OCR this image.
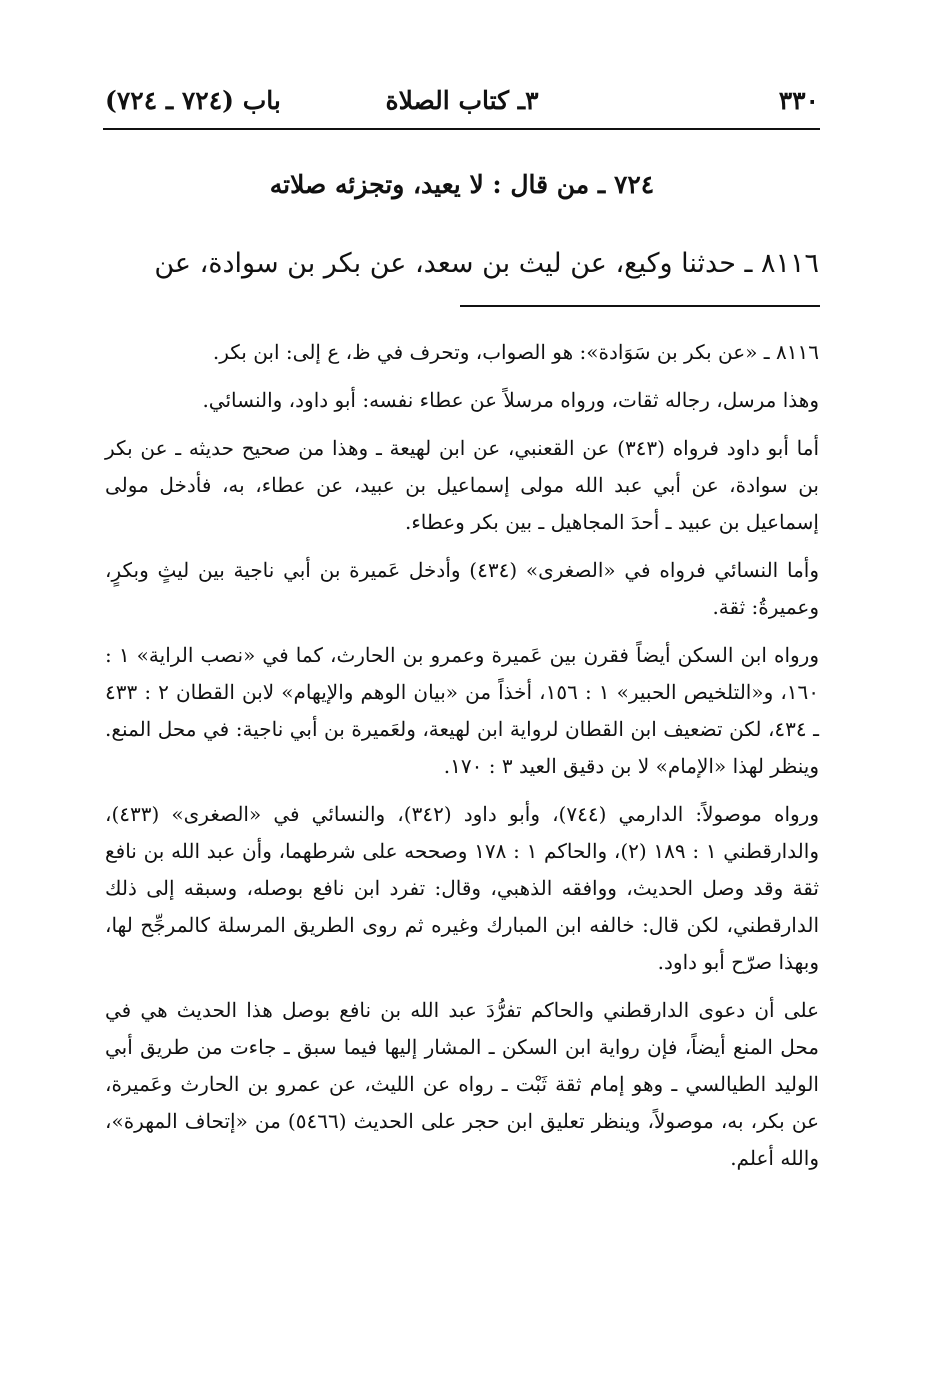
٣٣٠
٣ـ كتاب الصلاة
باب (٧٢٤ ـ ٧٢٤)
٧٢٤ ـ من قال : لا يعيد، وتجزئه صلاته
٨١١٦ ـ حدثنا وكيع، عن ليث بن سعد، عن بكر بن سوادة، عن

٨١١٦ ـ «عن بكر بن سَوَادة»: هو الصواب، وتحرف في ظ، ع إلى: ابن بكر.

وهذا مرسل، رجاله ثقات، ورواه مرسلاً عن عطاء نفسه: أبو داود، والنسائي.

أما أبو داود فرواه (٣٤٣) عن القعنبي، عن ابن لهيعة ـ وهذا من صحيح حديثه ـ عن بكر بن سوادة، عن أبي عبد الله مولى إسماعيل بن عبيد، عن عطاء، به، فأدخل مولى إسماعيل بن عبيد ـ أحدَ المجاهيل ـ بين بكر وعطاء.

وأما النسائي فرواه في «الصغرى» (٤٣٤) وأدخل عَميرة بن أبي ناجية بين ليثٍ وبكرٍ، وعميرةُ: ثقة.

ورواه ابن السكن أيضاً فقرن بين عَميرة وعمرو بن الحارث، كما في «نصب الراية» ١ : ١٦٠، و«التلخيص الحبير» ١ : ١٥٦، أخذاً من «بيان الوهم والإيهام» لابن القطان ٢ : ٤٣٣ ـ ٤٣٤، لكن تضعيف ابن القطان لرواية ابن لهيعة، ولعَميرة بن أبي ناجية: في محل المنع. وينظر لهذا «الإمام» لا بن دقيق العيد ٣ : ١٧٠.

ورواه موصولاً: الدارمي (٧٤٤)، وأبو داود (٣٤٢)، والنسائي في «الصغرى» (٤٣٣)، والدارقطني ١ : ١٨٩ (٢)، والحاكم ١ : ١٧٨ وصححه على شرطهما، وأن عبد الله بن نافع ثقة وقد وصل الحديث، ووافقه الذهبي، وقال: تفرد ابن نافع بوصله، وسبقه إلى ذلك الدارقطني، لكن قال: خالفه ابن المبارك وغيره ثم روى الطريق المرسلة كالمرجِّح لها، وبهذا صرّح أبو داود.

على أن دعوى الدارقطني والحاكم تفرُّدَ عبد الله بن نافع بوصل هذا الحديث هي في محل المنع أيضاً، فإن رواية ابن السكن ـ المشار إليها فيما سبق ـ جاءت من طريق أبي الوليد الطيالسي ـ وهو إمام ثقة ثَبْت ـ رواه عن الليث، عن عمرو بن الحارث وعَميرة، عن بكر، به، موصولاً، وينظر تعليق ابن حجر على الحديث (٥٤٦٦) من «إتحاف المهرة»، والله أعلم.
